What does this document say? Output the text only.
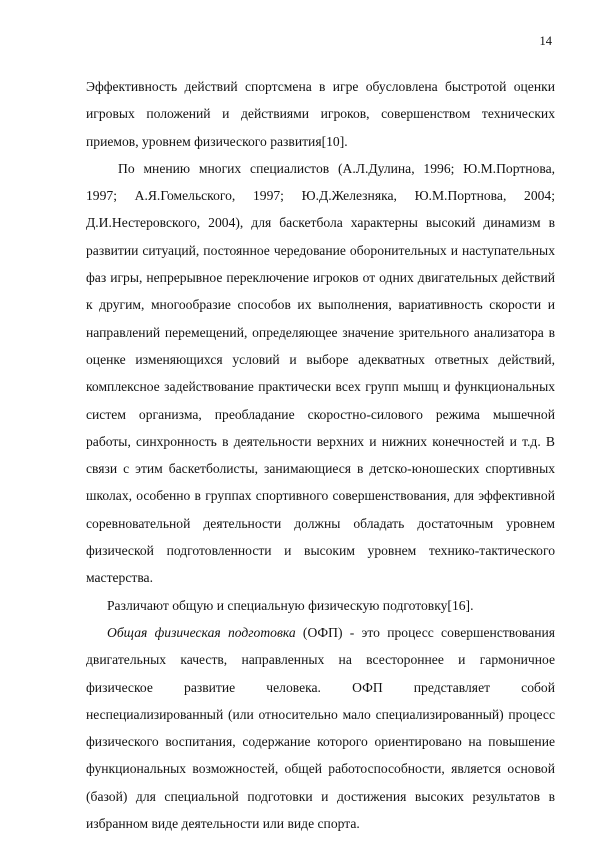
14

Эффективность действий спортсмена в игре обусловлена быстротой оценки игровых положений и действиями игроков, совершенством технических приемов, уровнем физического развития[10].

По мнению многих специалистов (А.Л.Дулина, 1996; Ю.М.Портнова, 1997; А.Я.Гомельского, 1997; Ю.Д.Железняка, Ю.М.Портнова, 2004; Д.И.Нестеровского, 2004), для баскетбола характерны высокий динамизм в развитии ситуаций, постоянное чередование оборонительных и наступательных фаз игры, непрерывное переключение игроков от одних двигательных действий к другим, многообразие способов их выполнения, вариативность скорости и направлений перемещений, определяющее значение зрительного анализатора в оценке изменяющихся условий и выборе адекватных ответных действий, комплексное задействование практически всех групп мышц и функциональных систем организма, преобладание скоростно-силового режима мышечной работы, синхронность в деятельности верхних и нижних конечностей и т.д. В связи с этим баскетболисты, занимающиеся в детско-юношеских спортивных школах, особенно в группах спортивного совершенствования, для эффективной соревновательной деятельности должны обладать достаточным уровнем физической подготовленности и высоким уровнем технико-тактического мастерства.

Различают общую и специальную физическую подготовку[16].

Общая физическая подготовка (ОФП) - это процесс совершенствования двигательных качеств, направленных на всестороннее и гармоничное физическое развитие человека. ОФП представляет собой неспециализированный (или относительно мало специализированный) процесс физического воспитания, содержание которого ориентировано на повышение функциональных возможностей, общей работоспособности, является основой (базой) для специальной подготовки и достижения высоких результатов в избранном виде деятельности или виде спорта.
